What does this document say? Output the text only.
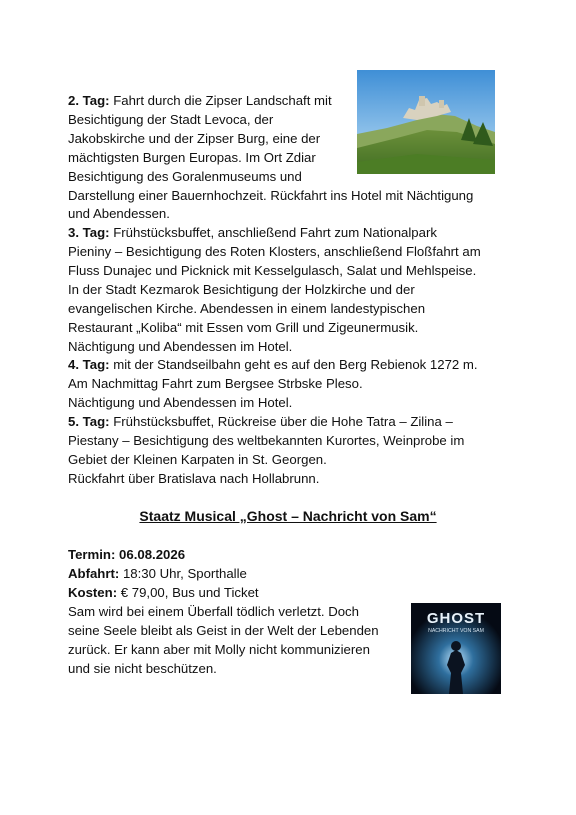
2. Tag: Fahrt durch die Zipser Landschaft mit
Besichtigung der Stadt Levoca, der
Jakobskirche und der Zipser Burg, eine der
mächtigsten Burgen Europas. Im Ort Zdiar
Besichtigung des Goralenmuseums und
Darstellung einer Bauernhochzeit. Rückfahrt ins Hotel mit Nächtigung
und Abendessen.
3. Tag: Frühstücksbuffet, anschließend Fahrt zum Nationalpark
Pieniny – Besichtigung des Roten Klosters, anschließend Floßfahrt am
Fluss Dunajec und Picknick mit Kesselgulasch, Salat und Mehlspeise.
In der Stadt Kezmarok Besichtigung der Holzkirche und der
evangelischen Kirche. Abendessen in einem landestypischen
Restaurant „Koliba“ mit Essen vom Grill und Zigeunermusik.
Nächtigung und Abendessen im Hotel.
4. Tag: mit der Standseilbahn geht es auf den Berg Rebienok 1272 m.
Am Nachmittag Fahrt zum Bergsee Strbske Pleso.
Nächtigung und Abendessen im Hotel.
5. Tag: Frühstücksbuffet, Rückreise über die Hohe Tatra – Zilina –
Piestany – Besichtigung des weltbekannten Kurortes, Weinprobe im
Gebiet der Kleinen Karpaten in St. Georgen.
Rückfahrt über Bratislava nach Hollabrunn.
Staatz Musical „Ghost – Nachricht von Sam“
Termin: 06.08.2026
Abfahrt: 18:30 Uhr, Sporthalle
Kosten: € 79,00, Bus und Ticket
Sam wird bei einem Überfall tödlich verletzt. Doch
seine Seele bleibt als Geist in der Welt der Lebenden
zurück. Er kann aber mit Molly nicht kommunizieren
und sie nicht beschützen.
GHOST
NACHRICHT VON SAM
